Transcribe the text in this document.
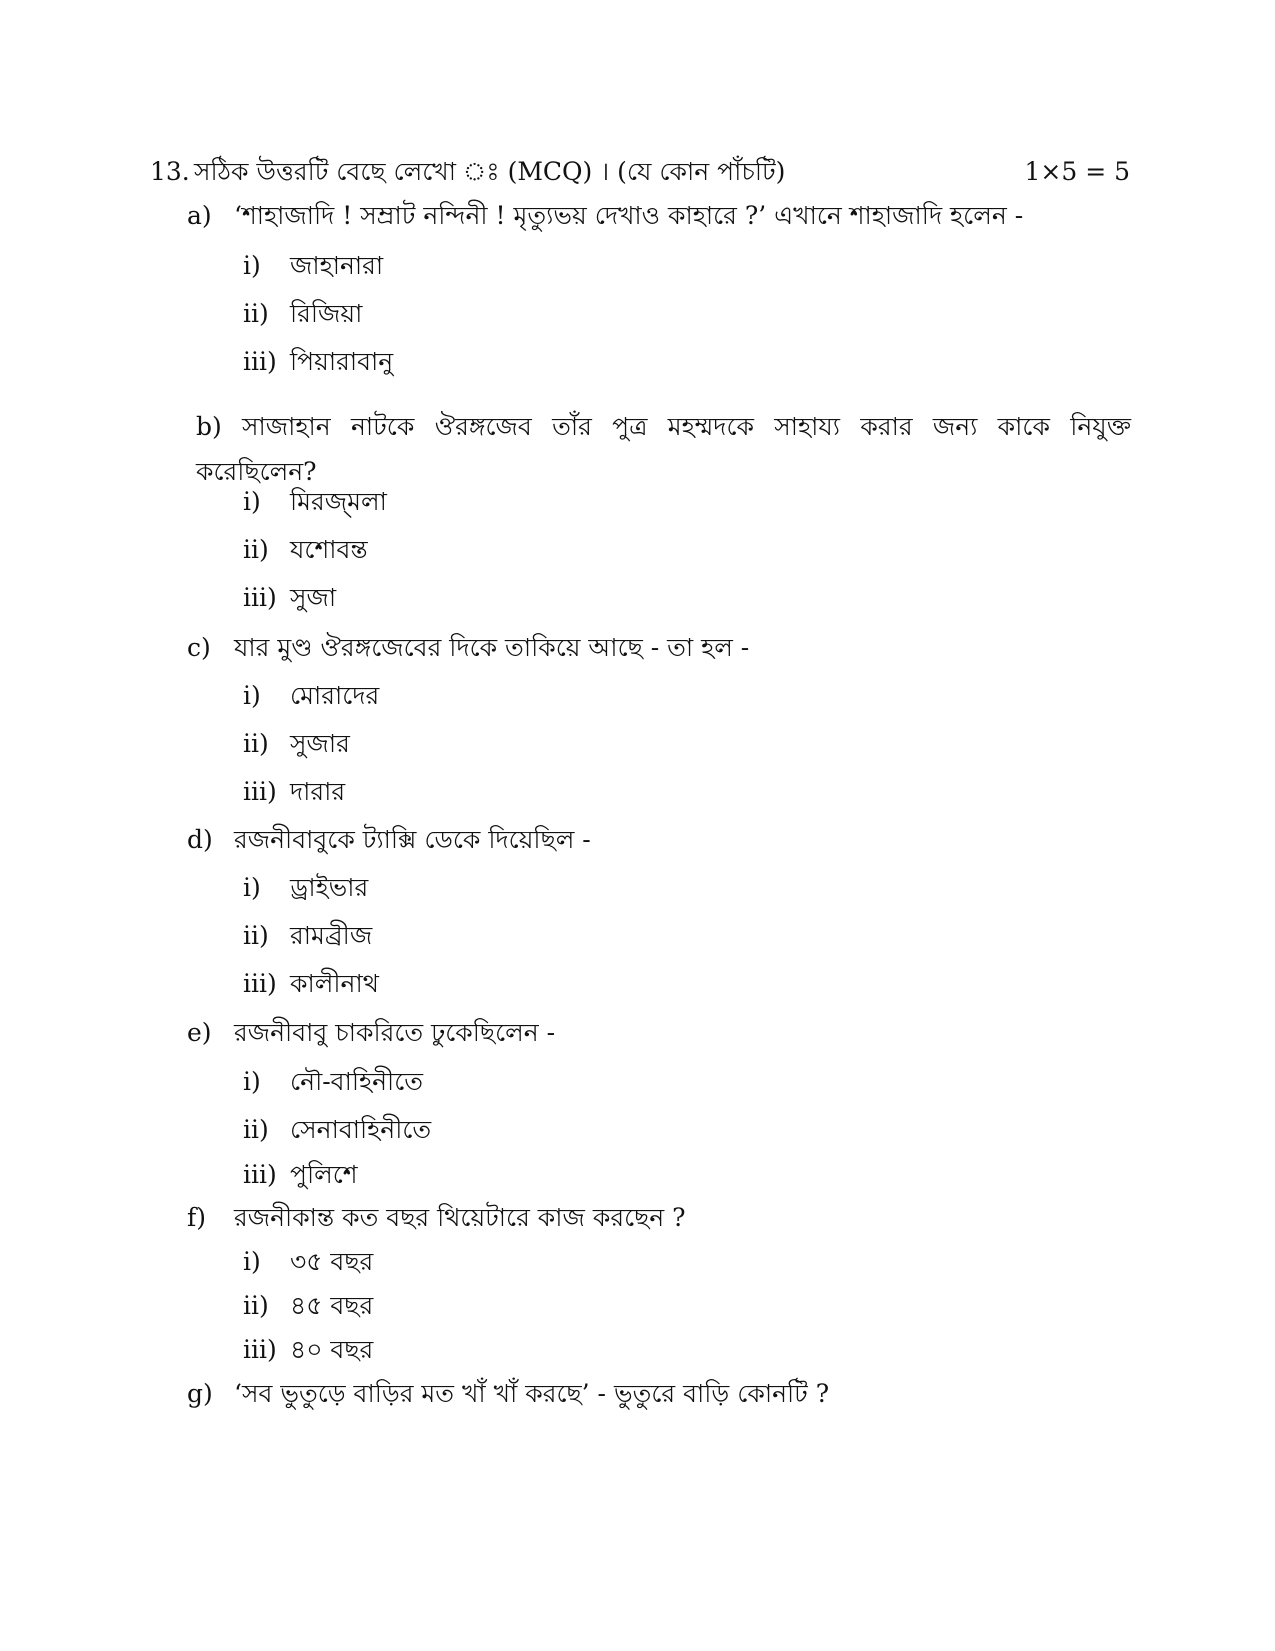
13. সঠিক উত্তরটি বেছে লেখো ঃ (MCQ) । (যে কোন পাঁচটি)	1×5 = 5
a) ‘শাহাজাদি ! সম্রাট নন্দিনী ! মৃত্যুভয় দেখাও কাহারে ?’ এখানে শাহাজাদি হলেন -
i) জাহানারা
ii) রিজিয়া
iii) পিয়ারাবানু
b) সাজাহান নাটকে ঔরঙ্গজেব তাঁর পুত্র মহম্মদকে সাহায্য করার জন্য কাকে নিযুক্ত
করেছিলেন?
i) মিরজ্মলা
ii) যশোবন্ত
iii) সুজা
c) যার মুণ্ড ঔরঙ্গজেবের দিকে তাকিয়ে আছে - তা হল -
i) মোরাদের
ii) সুজার
iii) দারার
d) রজনীবাবুকে ট্যাক্সি ডেকে দিয়েছিল -
i) ড্রাইভার
ii) রামব্রীজ
iii) কালীনাথ
e) রজনীবাবু চাকরিতে ঢুকেছিলেন -
i) নৌ-বাহিনীতে
ii) সেনাবাহিনীতে
iii) পুলিশে
f) রজনীকান্ত কত বছর থিয়েটারে কাজ করছেন ?
i) ৩৫ বছর
ii) ৪৫ বছর
iii) ৪০ বছর
g) ‘সব ভুতুড়ে বাড়ির মত খাঁ খাঁ করছে’ - ভুতুরে বাড়ি কোনটি ?
